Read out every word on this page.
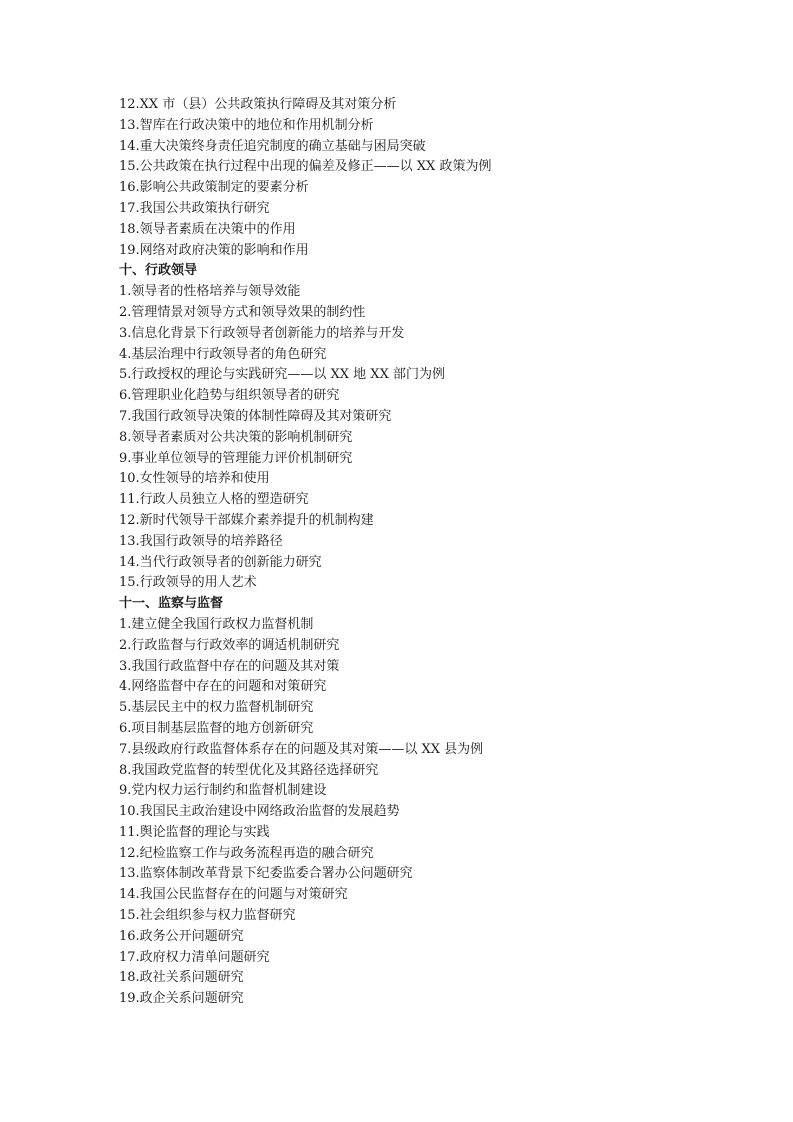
12.XX 市（县）公共政策执行障碍及其对策分析
13.智库在行政决策中的地位和作用机制分析
14.重大决策终身责任追究制度的确立基础与困局突破
15.公共政策在执行过程中出现的偏差及修正——以 XX 政策为例
16.影响公共政策制定的要素分析
17.我国公共政策执行研究
18.领导者素质在决策中的作用
19.网络对政府决策的影响和作用
十、行政领导
1.领导者的性格培养与领导效能
2.管理情景对领导方式和领导效果的制约性
3.信息化背景下行政领导者创新能力的培养与开发
4.基层治理中行政领导者的角色研究
5.行政授权的理论与实践研究——以 XX 地 XX 部门为例
6.管理职业化趋势与组织领导者的研究
7.我国行政领导决策的体制性障碍及其对策研究
8.领导者素质对公共决策的影响机制研究
9.事业单位领导的管理能力评价机制研究
10.女性领导的培养和使用
11.行政人员独立人格的塑造研究
12.新时代领导干部媒介素养提升的机制构建
13.我国行政领导的培养路径
14.当代行政领导者的创新能力研究
15.行政领导的用人艺术
十一、监察与监督
1.建立健全我国行政权力监督机制
2.行政监督与行政效率的调适机制研究
3.我国行政监督中存在的问题及其对策
4.网络监督中存在的问题和对策研究
5.基层民主中的权力监督机制研究
6.项目制基层监督的地方创新研究
7.县级政府行政监督体系存在的问题及其对策——以 XX 县为例
8.我国政党监督的转型优化及其路径选择研究
9.党内权力运行制约和监督机制建设
10.我国民主政治建设中网络政治监督的发展趋势
11.舆论监督的理论与实践
12.纪检监察工作与政务流程再造的融合研究
13.监察体制改革背景下纪委监委合署办公问题研究
14.我国公民监督存在的问题与对策研究
15.社会组织参与权力监督研究
16.政务公开问题研究
17.政府权力清单问题研究
18.政社关系问题研究
19.政企关系问题研究
